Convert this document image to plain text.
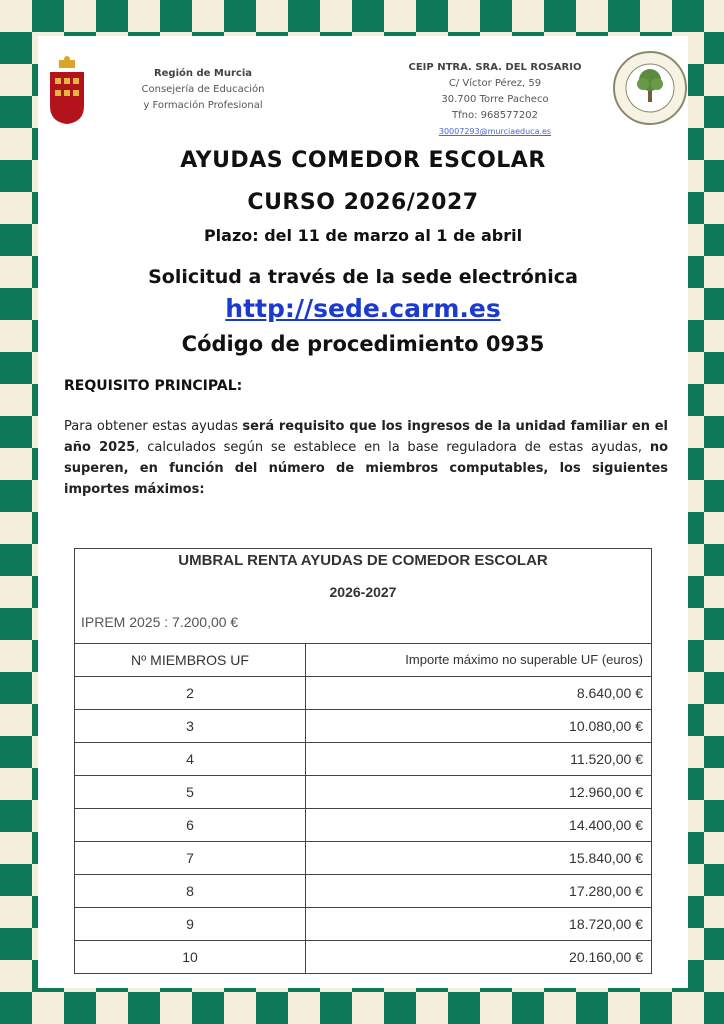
Región de Murcia
Consejería de Educación
y Formación Profesional
CEIP NTRA. SRA. DEL ROSARIO
C/ Víctor Pérez, 59
30.700 Torre Pacheco
Tfno: 968577202
30007293@murciaeduca.es
AYUDAS COMEDOR ESCOLAR
CURSO 2026/2027
Plazo: del 11 de marzo al 1 de abril
Solicitud a través de la sede electrónica
http://sede.carm.es
Código de procedimiento 0935
REQUISITO PRINCIPAL:
Para obtener estas ayudas será requisito que los ingresos de la unidad familiar en el año 2025, calculados según se establece en la base reguladora de estas ayudas, no superen, en función del número de miembros computables, los siguientes importes máximos:
UMBRAL RENTA AYUDAS DE COMEDOR ESCOLAR
2026-2027
IPREM 2025 : 7.200,00 €
Nº MIEMBROS UF	Importe máximo no superable UF (euros)
2	8.640,00 €
3	10.080,00 €
4	11.520,00 €
5	12.960,00 €
6	14.400,00 €
7	15.840,00 €
8	17.280,00 €
9	18.720,00 €
10	20.160,00 €
